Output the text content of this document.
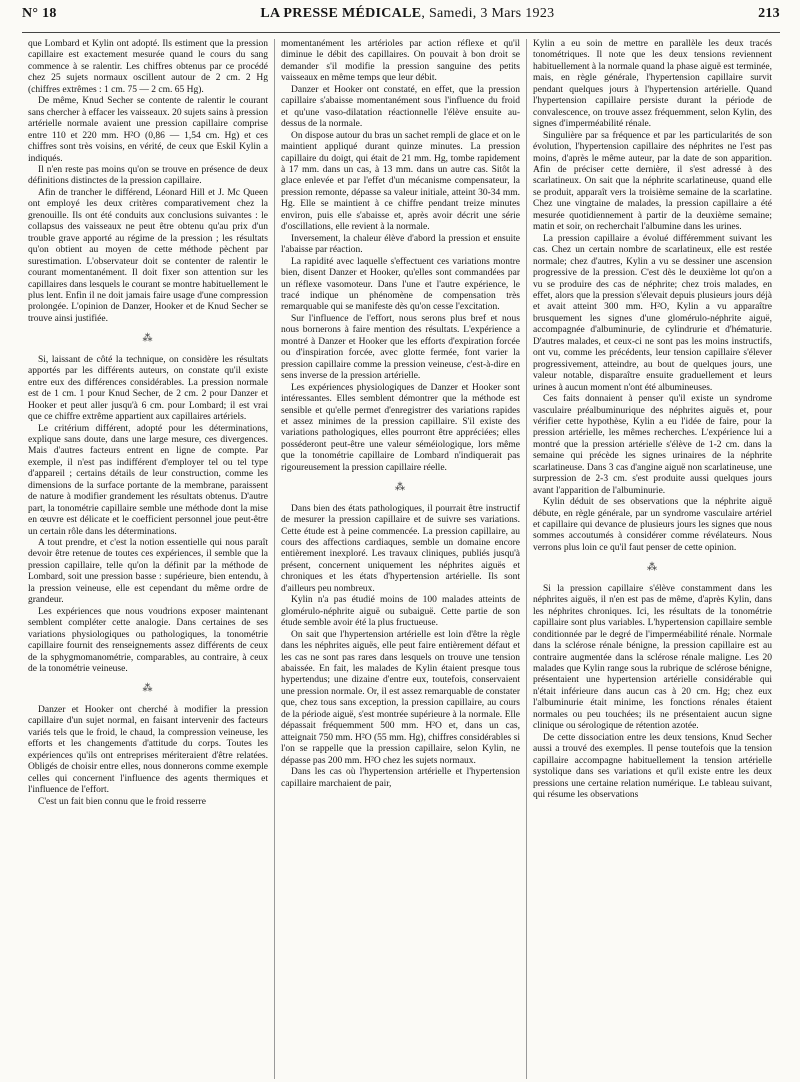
N° 18	LA PRESSE MÉDICALE, Samedi, 3 Mars 1923	213

que Lombard et Kylin ont adopté. Ils estiment que la pression capillaire est exactement mesurée quand le cours du sang commence à se ralentir. Les chiffres obtenus par ce procédé chez 25 sujets normaux oscillent autour de 2 cm. 2 Hg (chiffres extrêmes : 1 cm. 75 — 2 cm. 65 Hg).

De même, Knud Secher se contente de ralentir le courant sans chercher à effacer les vaisseaux. 20 sujets sains à pression artérielle normale avaient une pression capillaire comprise entre 110 et 220 mm. H²O (0,86 — 1,54 cm. Hg) et ces chiffres sont très voisins, en vérité, de ceux que Eskil Kylin a indiqués.

Il n'en reste pas moins qu'on se trouve en présence de deux définitions distinctes de la pression capillaire.

Afin de trancher le différend, Léonard Hill et J. Mc Queen ont employé les deux critères comparativement chez la grenouille. Ils ont été conduits aux conclusions suivantes : le collapsus des vaisseaux ne peut être obtenu qu'au prix d'un trouble grave apporté au régime de la pression ; les résultats qu'on obtient au moyen de cette méthode pèchent par surestimation. L'observateur doit se contenter de ralentir le courant momentanément. Il doit fixer son attention sur les capillaires dans lesquels le courant se montre habituellement le plus lent. Enfin il ne doit jamais faire usage d'une compression prolongée. L'opinion de Danzer, Hooker et de Knud Secher se trouve ainsi justifiée.

⁂

Si, laissant de côté la technique, on considère les résultats apportés par les différents auteurs, on constate qu'il existe entre eux des différences considérables. La pression normale est de 1 cm. 1 pour Knud Secher, de 2 cm. 2 pour Danzer et Hooker et peut aller jusqu'à 6 cm. pour Lombard; il est vrai que ce chiffre extrême appartient aux capillaires artériels.

Le critérium différent, adopté pour les déterminations, explique sans doute, dans une large mesure, ces divergences. Mais d'autres facteurs entrent en ligne de compte. Par exemple, il n'est pas indifférent d'employer tel ou tel type d'appareil ; certains détails de leur construction, comme les dimensions de la surface portante de la membrane, paraissent de nature à modifier grandement les résultats obtenus. D'autre part, la tonométrie capillaire semble une méthode dont la mise en œuvre est délicate et le coefficient personnel joue peut-être un certain rôle dans les déterminations.

A tout prendre, et c'est la notion essentielle qui nous paraît devoir être retenue de toutes ces expériences, il semble que la pression capillaire, telle qu'on la définit par la méthode de Lombard, soit une pression basse : supérieure, bien entendu, à la pression veineuse, elle est cependant du même ordre de grandeur.

Les expériences que nous voudrions exposer maintenant semblent compléter cette analogie. Dans certaines de ses variations physiologiques ou pathologiques, la tonométrie capillaire fournit des renseignements assez différents de ceux de la sphygmomanométrie, comparables, au contraire, à ceux de la tonométrie veineuse.

⁂

Danzer et Hooker ont cherché à modifier la pression capillaire d'un sujet normal, en faisant intervenir des facteurs variés tels que le froid, le chaud, la compression veineuse, les efforts et les changements d'attitude du corps. Toutes les expériences qu'ils ont entreprises mériteraient d'être relatées. Obligés de choisir entre elles, nous donnerons comme exemple celles qui concernent l'influence des agents thermiques et l'influence de l'effort.

C'est un fait bien connu que le froid resserre

momentanément les artérioles par action réflexe et qu'il diminue le débit des capillaires. On pouvait à bon droit se demander s'il modifie la pression sanguine des petits vaisseaux en même temps que leur débit.

Danzer et Hooker ont constaté, en effet, que la pression capillaire s'abaisse momentanément sous l'influence du froid et qu'une vaso-dilatation réactionnelle l'élève ensuite au-dessus de la normale.

On dispose autour du bras un sachet rempli de glace et on le maintient appliqué durant quinze minutes. La pression capillaire du doigt, qui était de 21 mm. Hg, tombe rapidement à 17 mm. dans un cas, à 13 mm. dans un autre cas. Sitôt la glace enlevée et par l'effet d'un mécanisme compensateur, la pression remonte, dépasse sa valeur initiale, atteint 30-34 mm. Hg. Elle se maintient à ce chiffre pendant treize minutes environ, puis elle s'abaisse et, après avoir décrit une série d'oscillations, elle revient à la normale.

Inversement, la chaleur élève d'abord la pression et ensuite l'abaisse par réaction.

La rapidité avec laquelle s'effectuent ces variations montre bien, disent Danzer et Hooker, qu'elles sont commandées par un réflexe vasomoteur. Dans l'une et l'autre expérience, le tracé indique un phénomène de compensation très remarquable qui se manifeste dès qu'on cesse l'excitation.

Sur l'influence de l'effort, nous serons plus bref et nous nous bornerons à faire mention des résultats. L'expérience a montré à Danzer et Hooker que les efforts d'expiration forcée ou d'inspiration forcée, avec glotte fermée, font varier la pression capillaire comme la pression veineuse, c'est-à-dire en sens inverse de la pression artérielle.

Les expériences physiologiques de Danzer et Hooker sont intéressantes. Elles semblent démontrer que la méthode est sensible et qu'elle permet d'enregistrer des variations rapides et assez minimes de la pression capillaire. S'il existe des variations pathologiques, elles pourront être appréciées; elles posséderont peut-être une valeur séméiologique, lors même que la tonométrie capillaire de Lombard n'indiquerait pas rigoureusement la pression capillaire réelle.

⁂

Dans bien des états pathologiques, il pourrait être instructif de mesurer la pression capillaire et de suivre ses variations. Cette étude est à peine commencée. La pression capillaire, au cours des affections cardiaques, semble un domaine encore entièrement inexploré. Les travaux cliniques, publiés jusqu'à présent, concernent uniquement les néphrites aiguës et chroniques et les états d'hypertension artérielle. Ils sont d'ailleurs peu nombreux.

Kylin n'a pas étudié moins de 100 malades atteints de glomérulo-néphrite aiguë ou subaiguë. Cette partie de son étude semble avoir été la plus fructueuse.

On sait que l'hypertension artérielle est loin d'être la règle dans les néphrites aiguës, elle peut faire entièrement défaut et les cas ne sont pas rares dans lesquels on trouve une tension abaissée. En fait, les malades de Kylin étaient presque tous hypertendus; une dizaine d'entre eux, toutefois, conservaient une pression normale. Or, il est assez remarquable de constater que, chez tous sans exception, la pression capillaire, au cours de la période aiguë, s'est montrée supérieure à la normale. Elle dépassait fréquemment 500 mm. H²O et, dans un cas, atteignait 750 mm. H²O (55 mm. Hg), chiffres considérables si l'on se rappelle que la pression capillaire, selon Kylin, ne dépasse pas 200 mm. H²O chez les sujets normaux.

Dans les cas où l'hypertension artérielle et l'hypertension capillaire marchaient de pair,

Kylin a eu soin de mettre en parallèle les deux tracés tonométriques. Il note que les deux tensions reviennent habituellement à la normale quand la phase aiguë est terminée, mais, en règle générale, l'hypertension capillaire survit pendant quelques jours à l'hypertension artérielle. Quand l'hypertension capillaire persiste durant la période de convalescence, on trouve assez fréquemment, selon Kylin, des signes d'imperméabilité rénale.

Singulière par sa fréquence et par les particularités de son évolution, l'hypertension capillaire des néphrites ne l'est pas moins, d'après le même auteur, par la date de son apparition. Afin de préciser cette dernière, il s'est adressé à des scarlatineux. On sait que la néphrite scarlatineuse, quand elle se produit, apparaît vers la troisième semaine de la scarlatine. Chez une vingtaine de malades, la pression capillaire a été mesurée quotidiennement à partir de la deuxième semaine; matin et soir, on recherchait l'albumine dans les urines.

La pression capillaire a évolué différemment suivant les cas. Chez un certain nombre de scarlatineux, elle est restée normale; chez d'autres, Kylin a vu se dessiner une ascension progressive de la pression. C'est dès le deuxième lot qu'on a vu se produire des cas de néphrite; chez trois malades, en effet, alors que la pression s'élevait depuis plusieurs jours déjà et avait atteint 300 mm. H²O, Kylin a vu apparaître brusquement les signes d'une glomérulo-néphrite aiguë, accompagnée d'albuminurie, de cylindrurie et d'hématurie. D'autres malades, et ceux-ci ne sont pas les moins instructifs, ont vu, comme les précédents, leur tension capillaire s'élever progressivement, atteindre, au bout de quelques jours, une valeur notable, disparaître ensuite graduellement et leurs urines à aucun moment n'ont été albumineuses.

Ces faits donnaient à penser qu'il existe un syndrome vasculaire préalbuminurique des néphrites aiguës et, pour vérifier cette hypothèse, Kylin a eu l'idée de faire, pour la pression artérielle, les mêmes recherches. L'expérience lui a montré que la pression artérielle s'élève de 1-2 cm. dans la semaine qui précède les signes urinaires de la néphrite scarlatineuse. Dans 3 cas d'angine aiguë non scarlatineuse, une surpression de 2-3 cm. s'est produite aussi quelques jours avant l'apparition de l'albuminurie.

Kylin déduit de ses observations que la néphrite aiguë débute, en règle générale, par un syndrome vasculaire artériel et capillaire qui devance de plusieurs jours les signes que nous sommes accoutumés à considérer comme révélateurs. Nous verrons plus loin ce qu'il faut penser de cette opinion.

⁂

Si la pression capillaire s'élève constamment dans les néphrites aiguës, il n'en est pas de même, d'après Kylin, dans les néphrites chroniques. Ici, les résultats de la tonométrie capillaire sont plus variables. L'hypertension capillaire semble conditionnée par le degré de l'imperméabilité rénale. Normale dans la sclérose rénale bénigne, la pression capillaire est au contraire augmentée dans la sclérose rénale maligne. Les 20 malades que Kylin range sous la rubrique de sclérose bénigne, présentaient une hypertension artérielle considérable qui n'était inférieure dans aucun cas à 20 cm. Hg; chez eux l'albuminurie était minime, les fonctions rénales étaient normales ou peu touchées; ils ne présentaient aucun signe clinique ou sérologique de rétention azotée.

De cette dissociation entre les deux tensions, Knud Secher aussi a trouvé des exemples. Il pense toutefois que la tension capillaire accompagne habituellement la tension artérielle systolique dans ses variations et qu'il existe entre les deux pressions une certaine relation numérique. Le tableau suivant, qui résume les observations
